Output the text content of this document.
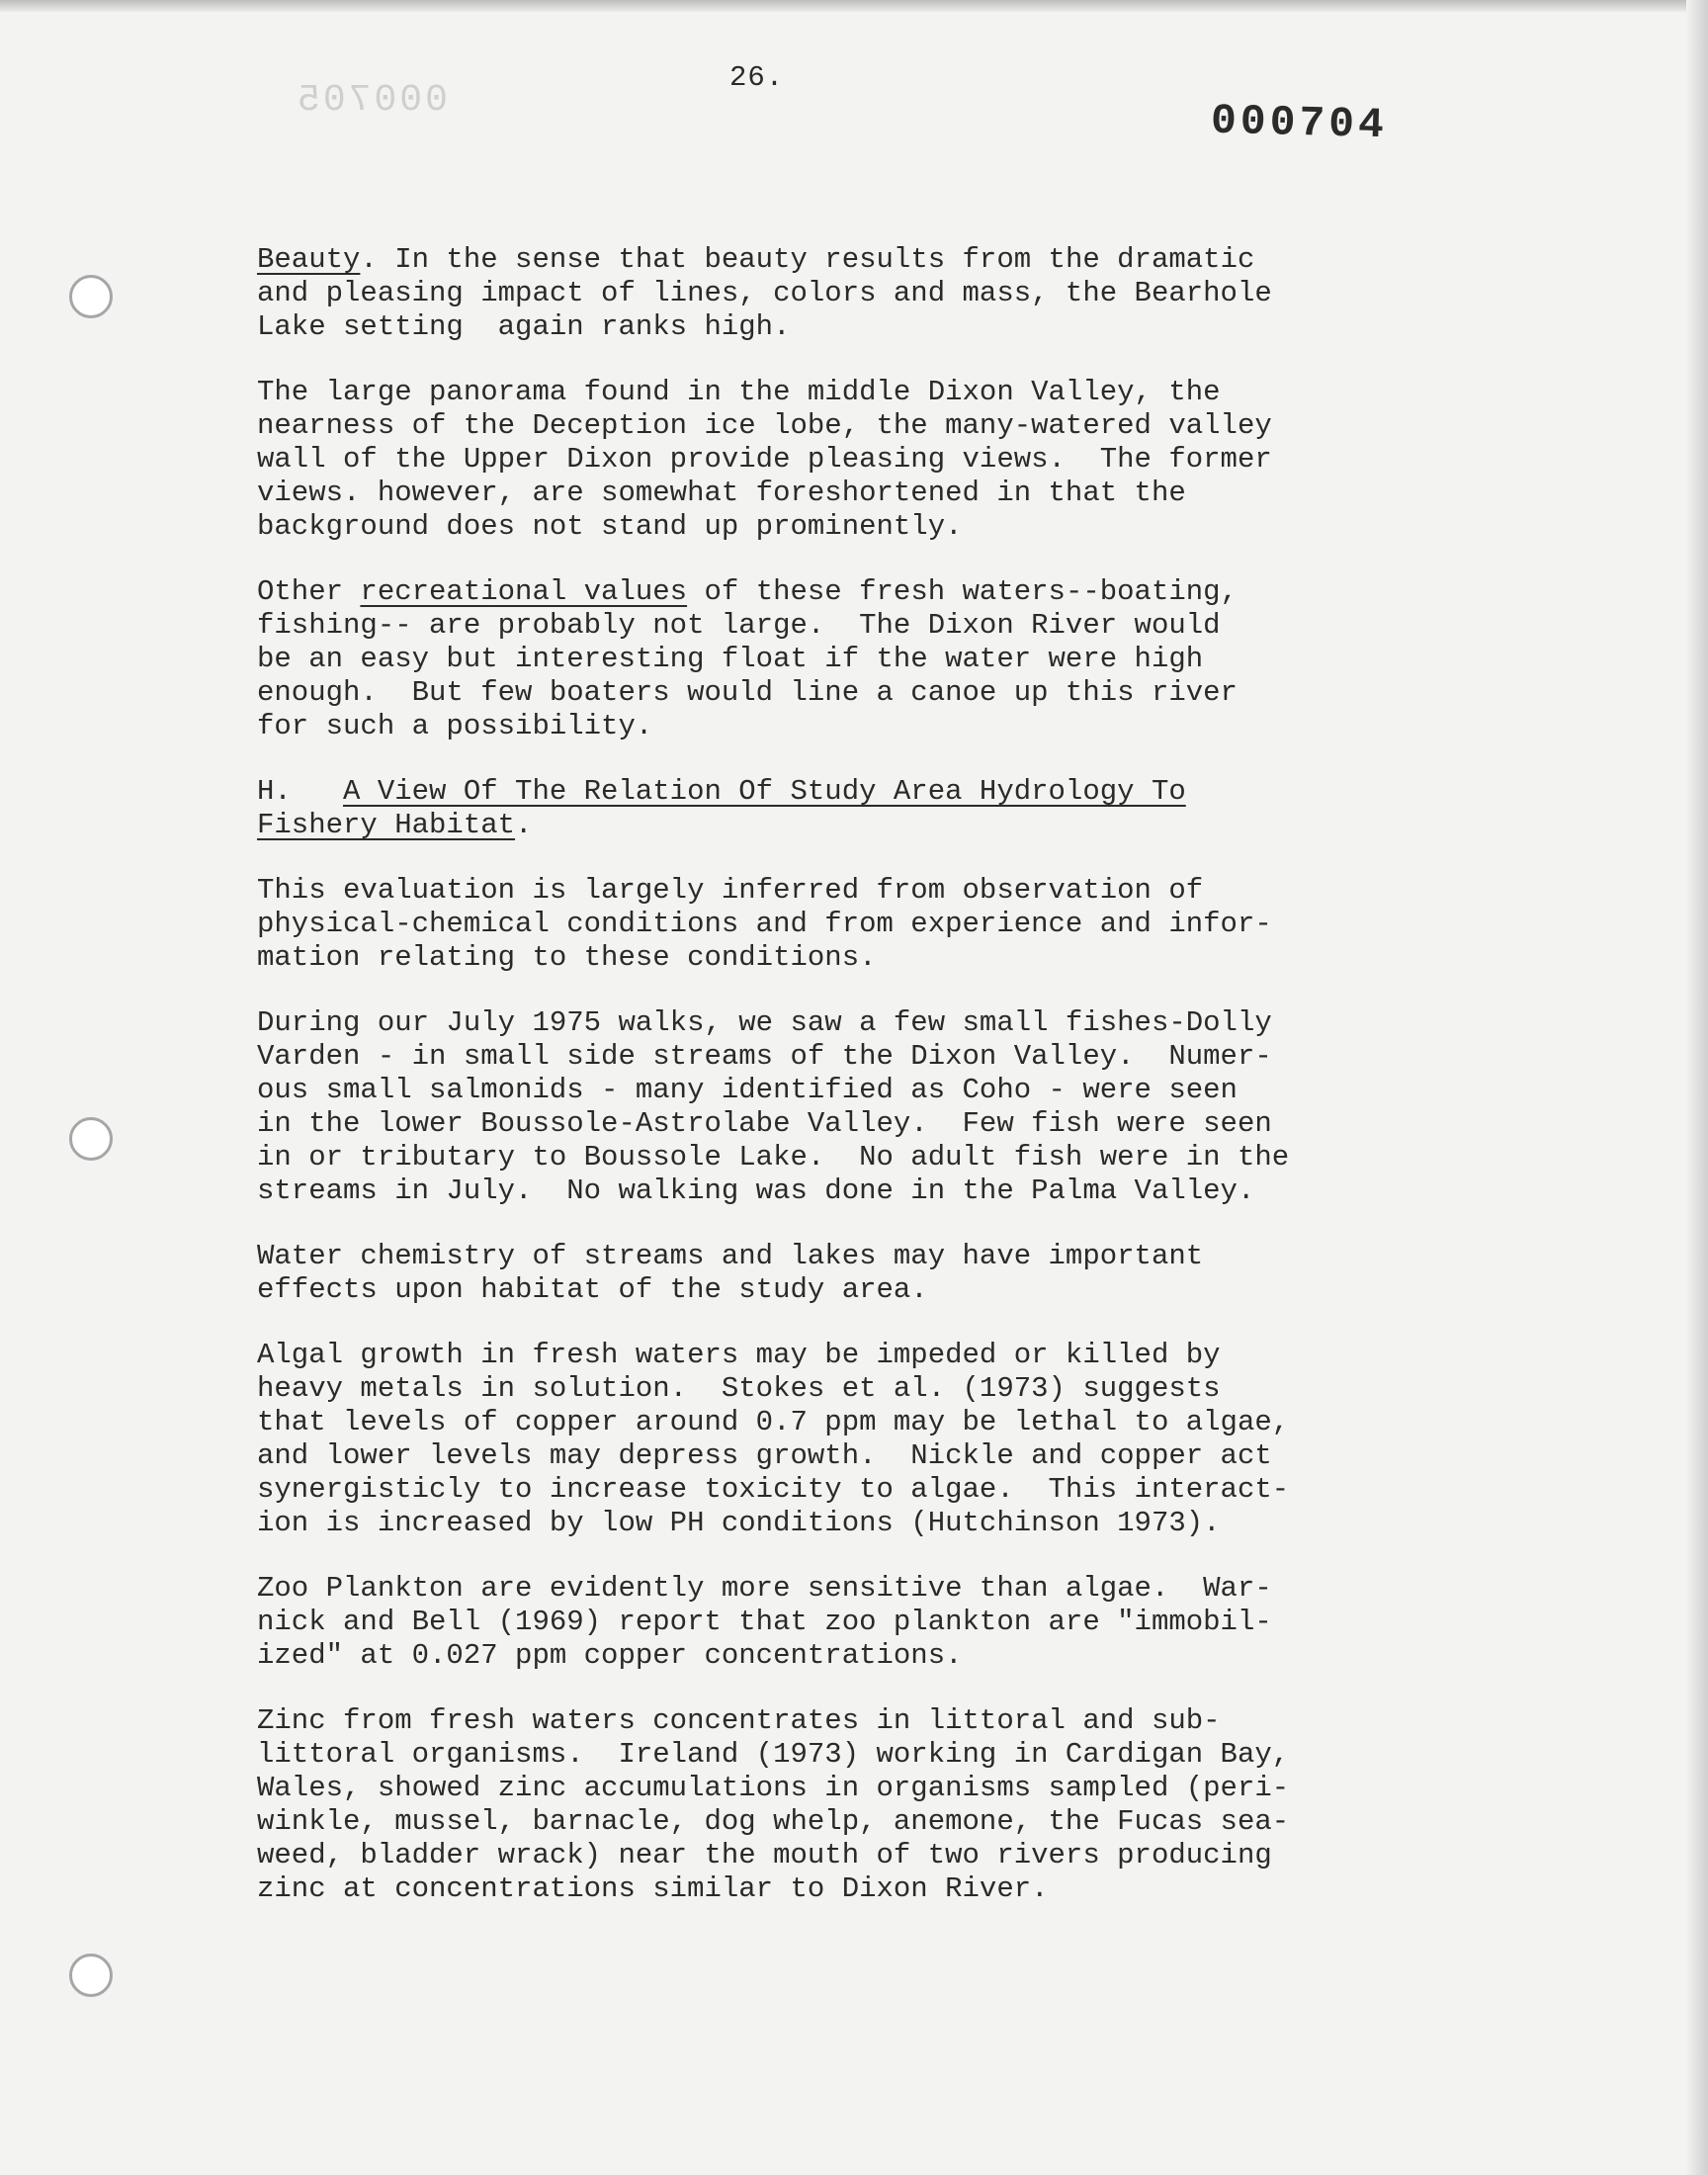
000705
26.
000704
Beauty. In the sense that beauty results from the dramatic
and pleasing impact of lines, colors and mass, the Bearhole
Lake setting  again ranks high.
The large panorama found in the middle Dixon Valley, the
nearness of the Deception ice lobe, the many-watered valley
wall of the Upper Dixon provide pleasing views.  The former
views. however, are somewhat foreshortened in that the
background does not stand up prominently.
Other recreational values of these fresh waters--boating,
fishing-- are probably not large.  The Dixon River would
be an easy but interesting float if the water were high
enough.  But few boaters would line a canoe up this river
for such a possibility.
H.   A View Of The Relation Of Study Area Hydrology To
Fishery Habitat.
This evaluation is largely inferred from observation of
physical-chemical conditions and from experience and infor-
mation relating to these conditions.
During our July 1975 walks, we saw a few small fishes-Dolly
Varden - in small side streams of the Dixon Valley.  Numer-
ous small salmonids - many identified as Coho - were seen
in the lower Boussole-Astrolabe Valley.  Few fish were seen
in or tributary to Boussole Lake.  No adult fish were in the
streams in July.  No walking was done in the Palma Valley.
Water chemistry of streams and lakes may have important
effects upon habitat of the study area.
Algal growth in fresh waters may be impeded or killed by
heavy metals in solution.  Stokes et al. (1973) suggests
that levels of copper around 0.7 ppm may be lethal to algae,
and lower levels may depress growth.  Nickle and copper act
synergisticly to increase toxicity to algae.  This interact-
ion is increased by low PH conditions (Hutchinson 1973).
Zoo Plankton are evidently more sensitive than algae.  War-
nick and Bell (1969) report that zoo plankton are "immobil-
ized" at 0.027 ppm copper concentrations.
Zinc from fresh waters concentrates in littoral and sub-
littoral organisms.  Ireland (1973) working in Cardigan Bay,
Wales, showed zinc accumulations in organisms sampled (peri-
winkle, mussel, barnacle, dog whelp, anemone, the Fucas sea-
weed, bladder wrack) near the mouth of two rivers producing
zinc at concentrations similar to Dixon River.
